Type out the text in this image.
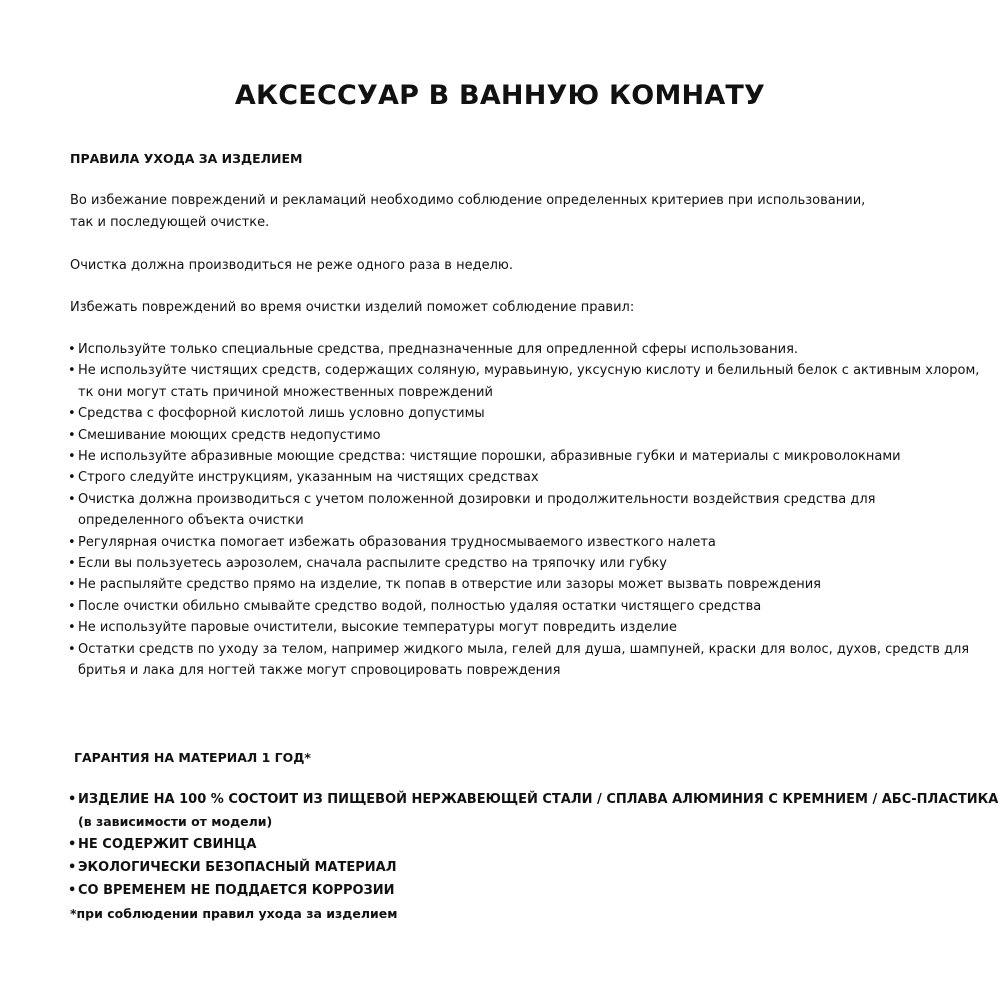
АКСЕССУАР В ВАННУЮ КОМНАТУ

ПРАВИЛА УХОДА ЗА ИЗДЕЛИЕМ

Во избежание повреждений и рекламаций необходимо соблюдение определенных критериев при использовании,
так и последующей очистке.

Очистка должна производиться не реже одного раза в неделю.

Избежать повреждений во время очистки изделий поможет соблюдение правил:

• Используйте только специальные средства, предназначенные для опредленной сферы использования.
• Не используйте чистящих средств, содержащих соляную, муравьиную, уксусную кислоту и белильный белок с активным хлором,
тк они могут стать причиной множественных повреждений
• Средства с фосфорной кислотой лишь условно допустимы
• Смешивание моющих средств недопустимо
• Не используйте абразивные моющие средства: чистящие порошки, абразивные губки и материалы с микроволокнами
• Строго следуйте инструкциям, указанным на чистящих средствах
• Очистка должна производиться с учетом положенной дозировки и продолжительности воздействия средства для
определенного объекта очистки
• Регулярная очистка помогает избежать образования трудносмываемого известкого налета
• Если вы пользуетесь аэрозолем, сначала распылите средство на тряпочку или губку
• Не распыляйте средство прямо на изделие, тк попав в отверстие или зазоры может вызвать повреждения
• После очистки обильно смывайте средство водой, полностью удаляя остатки чистящего средства
• Не используйте паровые очистители, высокие температуры могут повредить изделие
• Остатки средств по уходу за телом, например жидкого мыла, гелей для душа, шампуней, краски для волос, духов, средств для
бритья и лака для ногтей также могут спровоцировать повреждения

ГАРАНТИЯ НА МАТЕРИАЛ 1 ГОД*

• ИЗДЕЛИЕ НА 100 % СОСТОИТ ИЗ ПИЩЕВОЙ НЕРЖАВЕЮЩЕЙ СТАЛИ / СПЛАВА АЛЮМИНИЯ С КРЕМНИЕМ / АБС-ПЛАСТИКА
(в зависимости от модели)
• НЕ СОДЕРЖИТ СВИНЦА
• ЭКОЛОГИЧЕСКИ БЕЗОПАСНЫЙ МАТЕРИАЛ
• СО ВРЕМЕНЕМ НЕ ПОДДАЕТСЯ КОРРОЗИИ

*при соблюдении правил ухода за изделием
